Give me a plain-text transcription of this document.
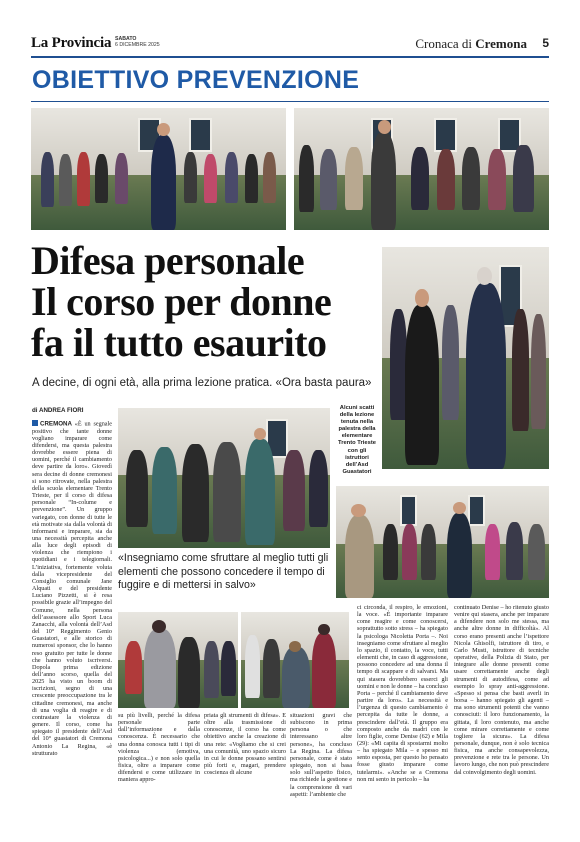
La Provincia SABATO
6 DICEMBRE 2025	Cronaca di Cremona 5
OBIETTIVO PREVENZIONE
Difesa personale
Il corso per donne
fa il tutto esaurito
A decine, di ogni età, alla prima lezione pratica. «Ora basta paura»
di ANDREA FIORI	Alcuni scatti della lezione tenuta nella palestra della elementare Trento Trieste con gli istruttori dell’Asd Guastatori
«Insegniamo come sfruttare al meglio tutti gli elementi che possono concedere il tempo di fuggire e di mettersi in salvo»
CREMONA «È un segnale positivo che tante donne vogliano imparare come difendersi, ma questa palestra dovrebbe essere piena di uomini, perché il cambiamento deve partire da loro». Giovedì sera decine di donne cremonesi si sono ritrovate, nella palestra della scuola elementare Trento Trieste, per il corso di difesa personale “In-colume e prevenzione”. Un gruppo variegato, con donne di tutte le età motivate sia dalla volontà di informarsi e imparare, sia da una necessità percepita anche alla luce degli episodi di violenza che riempiono i quotidiani e i telegiornali. L’iniziativa, fortemente voluta dalla vicepresidente del Consiglio comunale Jane Alquati e del presidente Luciano Pizzetti, si è resa possibile grazie all’impegno del Comune, nella persona dell’assessore allo Sport Luca Zanacchi, alla volontà dell’Asd del 10° Reggimento Genio Guastatori, e alle storico di numerosi sponsor, che lo hanno reso gratuito per tutte le donne che hanno voluto iscriversi. Dopola prima edizione dell’anno scorso, quella del 2025 ha visto un boom di iscrizioni, segno di una crescente preoccupazione tra le cittadine cremonesi, ma anche di una voglia di reagire e di contrastare la violenza di genere. Il corso, come ha spiegato il presidente dell’Asd del 10° guastatori di Cremona Antonio La Regina, «è strutturato
su più livelli, perché la difesa personale parte dall’informazione e dalla conoscenza. È necessario che una donna conosca tutti i tipi di violenza (emotiva, psicologica...) e non solo quella fisica, oltre a imparare come difendersi e come utilizzare in maniera appro-
priata gli strumenti di difesa». E oltre alla trasmissione di conoscenze, il corso ha come obiettivo anche la creazione di una rete: «Vogliamo che si crei una comunità, uno spazio sicuro in cui le donne possano sentirsi più forti e, magari, prendere coscienza di alcune
situazioni gravi che subiscono in prima persona o che interessano altre persone», ha concluso La Regina. La difesa personale, come è stato spiegato, non si basa solo sull’aspetto fisico, ma richiede la gestione e la comprensione di vari aspetti: l’ambiente che
ci circonda, il respiro, le emozioni, la voce. «È importante imparare come reagire e come conoscersi, soprattutto sotto stress – ha spiegato la psicologa Nicoletta Porta –. Noi insegniamo come sfruttare al meglio lo spazio, il contatto, la voce, tutti elementi che, in caso di aggressione, possono concedere ad una donna il tempo di scappare e di salvarsi. Ma qui stasera dovrebbero esserci gli uomini e non le donne – ha concluso Porta – perché il cambiamento deve partire da loro». La necessità e l’urgenza di questo cambiamento è percepita da tutte le donne, a prescindere dall’età. Il gruppo era composto anche da madri con le loro figlie, come Denise (62) e Mila (29): «Mi capita di spostarmi molto – ha spiegato Mila – e spesso mi sento esposta, per questo ho pensato fosse giusto imparare come tutelarmi». «Anche se a Cremona non mi sento in pericolo – ha
continuato Denise – ho ritenuto giusto venire qui stasera, anche per imparare a difendere non solo me stessa, ma anche altre donne in difficoltà». Al corso erano presenti anche l’ispettore Nicola Ghisolfi, istruttore di tiro, e Carlo Musti, istruttore di tecniche operative, della Polizia di Stato, per integrare alle donne presenti come usare correttamente anche degli strumenti di autodifesa, come ad esempio lo spray anti-aggressione. «Spesso si pensa che basti averli in borsa – hanno spiegato gli agenti – ma sono strumenti potenti che vanno conosciuti: il loro funzionamento, la gittata, il loro contenuto, ma anche come mirare correttamente e come togliere la sicura». La difesa personale, dunque, non è solo tecnica fisica, ma anche consapevolezza, prevenzione e rete tra le persone. Un lavoro lungo, che non può prescindere dal coinvolgimento degli uomini.
